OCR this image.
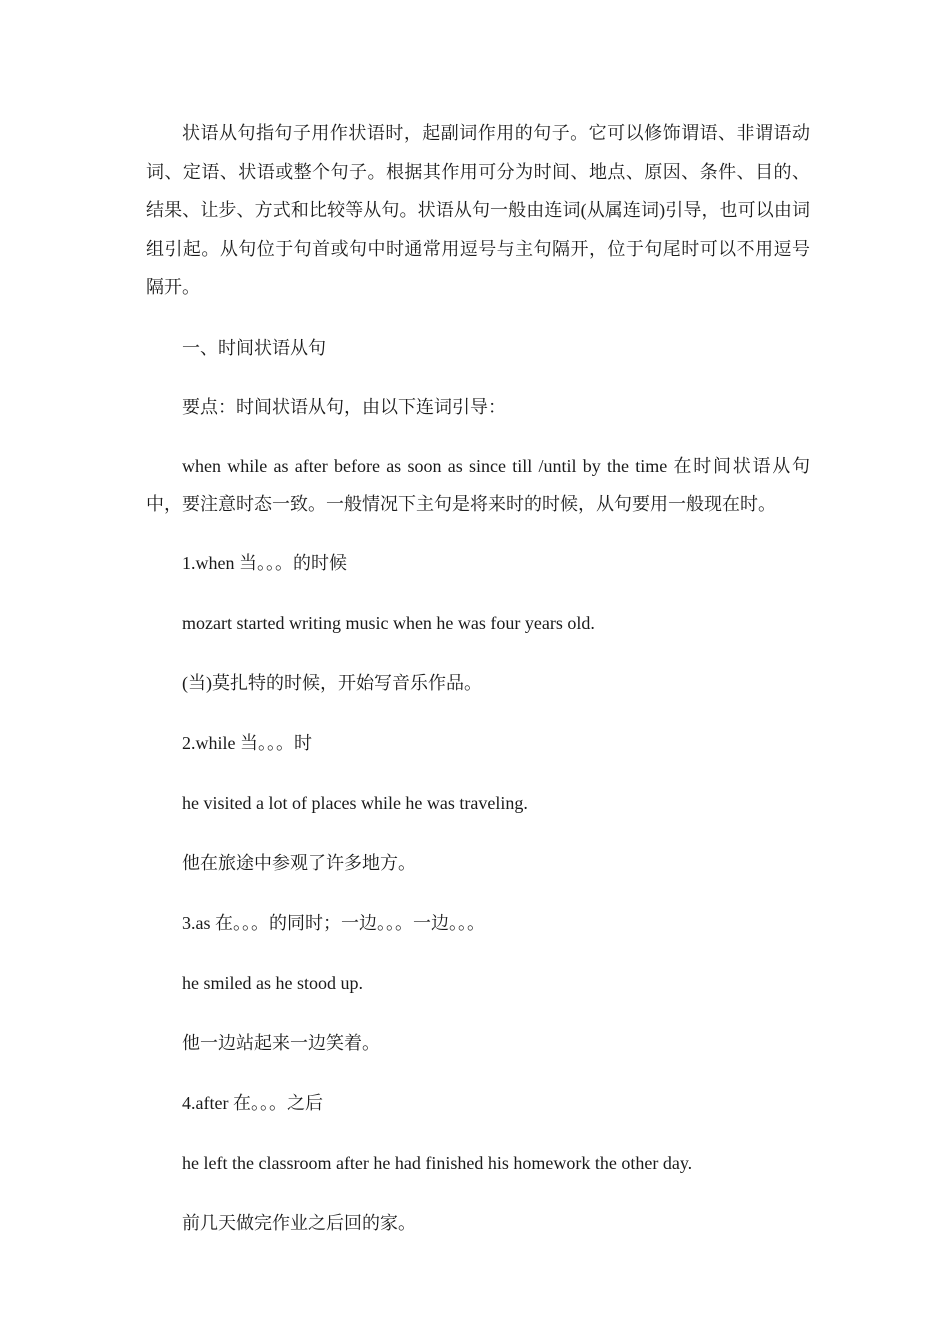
状语从句指句子用作状语时，起副词作用的句子。它可以修饰谓语、非谓语动词、定语、状语或整个句子。根据其作用可分为时间、地点、原因、条件、目的、结果、让步、方式和比较等从句。状语从句一般由连词(从属连词)引导，也可以由词组引起。从句位于句首或句中时通常用逗号与主句隔开，位于句尾时可以不用逗号隔开。

一、时间状语从句

要点：时间状语从句，由以下连词引导：

when while as after before as soon as since till /until by the time 在时间状语从句中，要注意时态一致。一般情况下主句是将来时的时候，从句要用一般现在时。

1.when 当。。。的时候

mozart started writing music when he was four years old.

(当)莫扎特的时候，开始写音乐作品。

2.while 当。。。时

he visited a lot of places while he was traveling.

他在旅途中参观了许多地方。

3.as 在。。。的同时；一边。。。一边。。。

he smiled as he stood up.

他一边站起来一边笑着。

4.after 在。。。之后

he left the classroom after he had finished his homework the other day.

前几天做完作业之后回的家。
